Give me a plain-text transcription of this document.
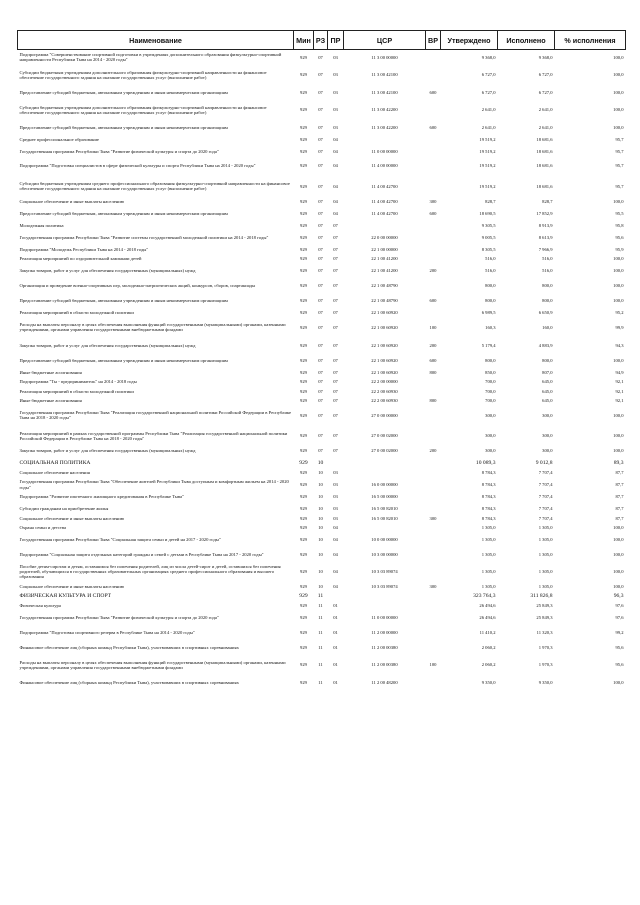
Наименование	Мин	РЗ	ПР	ЦСР	ВР	Утверждено	Исполнено	% исполнения
Подпрограмма "Совершенствование спортивной подготовки в учреждениях дополнительного образования физкультурно-спортивной направленности Республики Тыва на 2014 - 2020 годы"	929	07	03	11 3 00 00000		9 368,0	9 368,0	100,0
Субсидии бюджетным учреждениям дополнительного образования физкультурно-спортивной направленности на финансовое обеспечение государственного задания на оказание государственных услуг (выполнение работ)	929	07	03	11 3 00 42100		6 727,0	6 727,0	100,0
Предоставление субсидий бюджетным, автономным учреждениям и иным некоммерческим организациям	929	07	03	11 3 00 42100	600	6 727,0	6 727,0	100,0
Субсидии бюджетным учреждениям дополнительного образования физкультурно-спортивной направленности на финансовое обеспечение государственного задания на оказание государственных услуг (выполнение работ)	929	07	03	11 3 00 42200		2 641,0	2 641,0	100,0
Предоставление субсидий бюджетным, автономным учреждениям и иным некоммерческим организациям	929	07	03	11 3 00 42200	600	2 641,0	2 641,0	100,0
Среднее профессиональное образование	929	07	04			19 519,2	18 681,6	95,7
Государственная программа Республики Тыва "Развитие физической культуры и спорта до 2020 года"	929	07	04	11 0 00 00000		19 519,2	18 681,6	95,7
Подпрограмма "Подготовка специалистов в сфере физической культуры и спорта Республики Тыва на 2014 - 2020 годы"	929	07	04	11 4 00 00000		19 519,2	18 681,6	95,7

Субсидии бюджетным учреждениям среднего профессионального образования физкультурно-спортивной направленности на финансовое обеспечение государственного задания на оказание государственных услуг (выполнение работ)	929	07	04	11 4 00 42700		19 519,2	18 681,6	95,7
Социальное обеспечение и иные выплаты населению	929	07	04	11 4 00 42700	300	828,7	828,7	100,0
Предоставление субсидий бюджетным, автономным учреждениям и иным некоммерческим организациям	929	07	04	11 4 00 42700	600	18 690,5	17 852,9	95,5
Молодежная политика	929	07	07			9 305,5	8 913,9	95,8
Государственная программа Республики Тыва "Развитие системы государственной молодежной политики на 2014 - 2018 годы"	929	07	07	22 0 00 00000		9 005,5	8 613,9	95,6
Подпрограмма "Молодежь Республики Тыва на 2014 - 2018 годы"	929	07	07	22 1 00 00000		8 305,5	7 966,9	95,9
Реализация мероприятий по оздоровительной кампании детей	929	07	07	22 1 00 41200		516,0	516,0	100,0

Закупка товаров, работ и услуг для обеспечения государственных (муниципальных) нужд	929	07	07	22 1 00 41200	200	516,0	516,0	100,0

Организация и проведение военно-спортивных игр, молодежно-патриотических акций, конкурсов, сборов, спартакиады	929	07	07	22 1 00 48790		800,0	800,0	100,0
Предоставление субсидий бюджетным, автономным учреждениям и иным некоммерческим организациям	929	07	07	22 1 00 48790	600	800,0	800,0	100,0
Реализация мероприятий в области молодежной политики	929	07	07	22 1 00 60920		6 989,5	6 650,9	95,2
Расходы на выплаты персоналу в целях обеспечения выполнения функций государственными (муниципальными) органами, казенными учреждениями, органами управления государственными внебюджетными фондами	929	07	07	22 1 00 60920	100	160,3	160,0	99,9

Закупка товаров, работ и услуг для обеспечения государственных (муниципальных) нужд	929	07	07	22 1 00 60920	200	5 179,4	4 883,9	94,3

Предоставление субсидий бюджетным, автономным учреждениям и иным некоммерческим организациям	929	07	07	22 1 00 60920	600	800,0	800,0	100,0
Иные бюджетные ассигнования	929	07	07	22 1 00 60920	800	850,0	807,0	94,9
Подпрограмма "Ты - предприниматель" на 2014 - 2018 годы	929	07	07	22 2 00 00000		700,0	645,0	92,1
Реализация мероприятий в области молодежной политики	929	07	07	22 2 00 60930		700,0	645,0	92,1
Иные бюджетные ассигнования	929	07	07	22 2 00 60930	800	700,0	645,0	92,1

Государственная программа Республики Тыва "Реализация государственной национальной политики Российской Федерации в Республике Тыва на 2018 - 2020 годы"	929	07	07	27 0 00 00000		300,0	300,0	100,0

Реализация мероприятий в рамках государственной программы Республики Тыва "Реализация государственной национальной политики Российской Федерации в Республике Тыва на 2018 - 2020 годы"	929	07	07	27 0 00 02000		300,0	300,0	100,0
Закупка товаров, работ и услуг для обеспечения государственных (муниципальных) нужд	929	07	07	27 0 00 02000	200	300,0	300,0	100,0

СОЦИАЛЬНАЯ ПОЛИТИКА	929	10				10 089,3	9 012,8	89,3
Социальное обеспечение населения	929	10	03			8 784,3	7 707,4	87,7
Государственная программа Республики Тыва "Обеспечение жителей Республики Тыва доступным и комфортным жильем на 2014 - 2020 годы"	929	10	03	16 0 00 00000		8 784,3	7 707,4	87,7
Подпрограмма "Развитие ипотечного жилищного кредитования в Республике Тыва"	929	10	03	16 5 00 00000		8 784,3	7 707,4	87,7

Субсидии гражданам на приобретение жилья	929	10	03	16 5 00 82010		8 784,3	7 707,4	87,7
Социальное обеспечение и иные выплаты населению	929	10	03	16 5 00 82010	300	8 784,3	7 707,4	87,7
Охрана семьи и детства	929	10	04			1 305,0	1 305,0	100,0
Государственная программа Республики Тыва "Социальная защита семьи и детей на 2017 - 2020 годы"	929	10	04	10 0 00 00000		1 305,0	1 305,0	100,0
Подпрограмма "Социальная защита отдельных категорий граждан и семей с детьми в Республике Тыва на 2017 - 2020 годы"	929	10	04	10 3 00 00000		1 305,0	1 305,0	100,0
Пособие детям-сиротам и детям, оставшимся без попечения родителей, лиц из числа детей-сирот и детей, оставшихся без попечения родителей, обучающихся в государственных образовательных организациях среднего профессионального образования и высшего образования	929	10	04	10 3 03 89074		1 305,0	1 305,0	100,0
Социальное обеспечение и иные выплаты населению	929	10	04	10 3 03 89074	300	1 305,0	1 305,0	100,0
ФИЗИЧЕСКАЯ КУЛЬТУРА И СПОРТ	929	11				323 764,3	311 826,8	96,3
Физическая культура	929	11	01			26 494,6	25 849,3	97,6
Государственная программа Республики Тыва "Развитие физической культуры и спорта до 2020 года"	929	11	01	11 0 00 00000		26 494,6	25 849,3	97,6

Подпрограмма "Подготовка спортивного резерва в Республике Тыва на 2014 - 2020 годы"	929	11	01	11 2 00 00000		11 410,2	11 320,3	99,2

Финансовое обеспечение лиц (сборных команд Республики Тыва), участвовавших в спортивных соревнованиях	929	11	01	11 2 00 00380		2 060,2	1 970,3	95,6
Расходы на выплаты персоналу в целях обеспечения выполнения функций государственными (муниципальными) органами, казенными учреждениями, органами управления государственными внебюджетными фондами	929	11	01	11 2 00 00380	100	2 060,2	1 970,3	95,6
Финансовое обеспечение лиц (сборных команд Республики Тыва), участвовавших в спортивных соревнованиях	929	11	01	11 2 00 48200		9 350,0	9 350,0	100,0
